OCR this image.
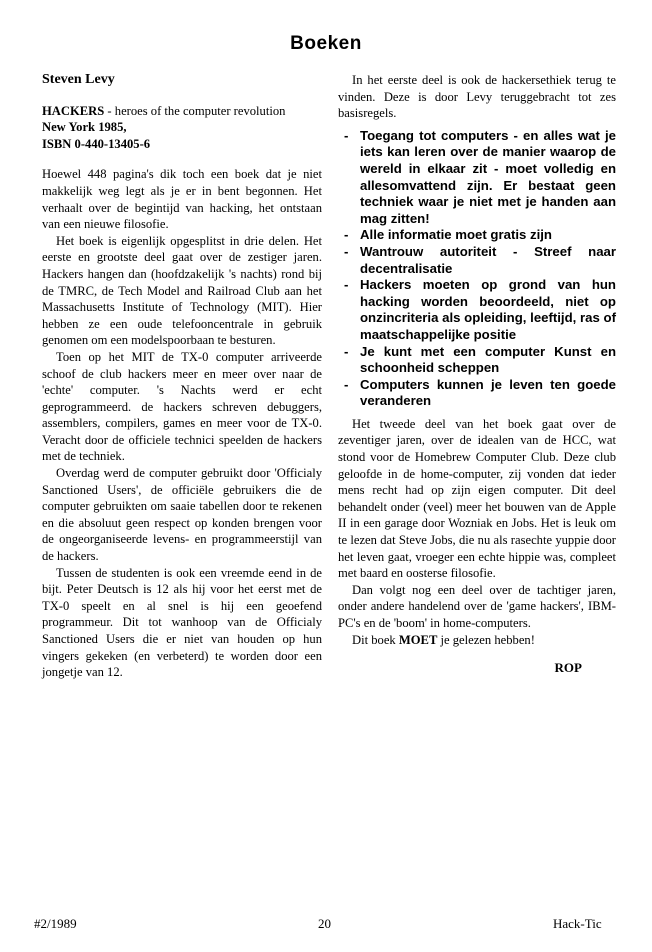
Boeken
Steven Levy

HACKERS - heroes of the computer revolution

New York 1985,

ISBN 0-440-13405-6

Hoewel 448 pagina's dik toch een boek dat je niet makkelijk weg legt als je er in bent begonnen. Het verhaalt over de begintijd van hacking, het ontstaan van een nieuwe filosofie.

Het boek is eigenlijk opgesplitst in drie delen. Het eerste en grootste deel gaat over de zestiger jaren. Hackers hangen dan (hoofdzakelijk 's nachts) rond bij de TMRC, de Tech Model and Railroad Club aan het Massachusetts Institute of Technology (MIT). Hier hebben ze een oude telefooncentrale in gebruik genomen om een modelspoorbaan te besturen.

Toen op het MIT de TX-0 computer arriveerde schoof de club hackers meer en meer over naar de 'echte' computer. 's Nachts werd er echt geprogrammeerd. de hackers schreven debuggers, assemblers, compilers, games en meer voor de TX-0. Veracht door de officiele technici speelden de hackers met de techniek.

Overdag werd de computer gebruikt door 'Officialy Sanctioned Users', de officiële gebruikers die de computer gebruikten om saaie tabellen door te rekenen en die absoluut geen respect op konden brengen voor de ongeorganiseerde levens- en programmeerstijl van de hackers.

Tussen de studenten is ook een vreemde eend in de bijt. Peter Deutsch is 12 als hij voor het eerst met de TX-0 speelt en al snel is hij een geoefend programmeur. Dit tot wanhoop van de Officialy Sanctioned Users die er niet van houden op hun vingers gekeken (en verbeterd) te worden door een jongetje van 12.

In het eerste deel is ook de hackersethiek terug te vinden. Deze is door Levy teruggebracht tot zes basisregels.

- Toegang tot computers - en alles wat je iets kan leren over de manier waarop de wereld in elkaar zit - moet volledig en allesomvattend zijn. Er bestaat geen techniek waar je niet met je handen aan mag zitten!
- Alle informatie moet gratis zijn
- Wantrouw autoriteit - Streef naar decentralisatie
- Hackers moeten op grond van hun hacking worden beoordeeld, niet op onzincriteria als opleiding, leeftijd, ras of maatschappelijke positie
- Je kunt met een computer Kunst en schoonheid scheppen
- Computers kunnen je leven ten goede veranderen

Het tweede deel van het boek gaat over de zeventiger jaren, over de idealen van de HCC, wat stond voor de Homebrew Computer Club. Deze club geloofde in de home-computer, zij vonden dat ieder mens recht had op zijn eigen computer. Dit deel behandelt onder (veel) meer het bouwen van de Apple II in een garage door Wozniak en Jobs. Het is leuk om te lezen dat Steve Jobs, die nu als rasechte yuppie door het leven gaat, vroeger een echte hippie was, compleet met baard en oosterse filosofie.

Dan volgt nog een deel over de tachtiger jaren, onder andere handelend over de 'game hackers', IBM-PC's en de 'boom' in home-computers.

Dit boek MOET je gelezen hebben!

ROP
#2/1989	20	Hack-Tic
